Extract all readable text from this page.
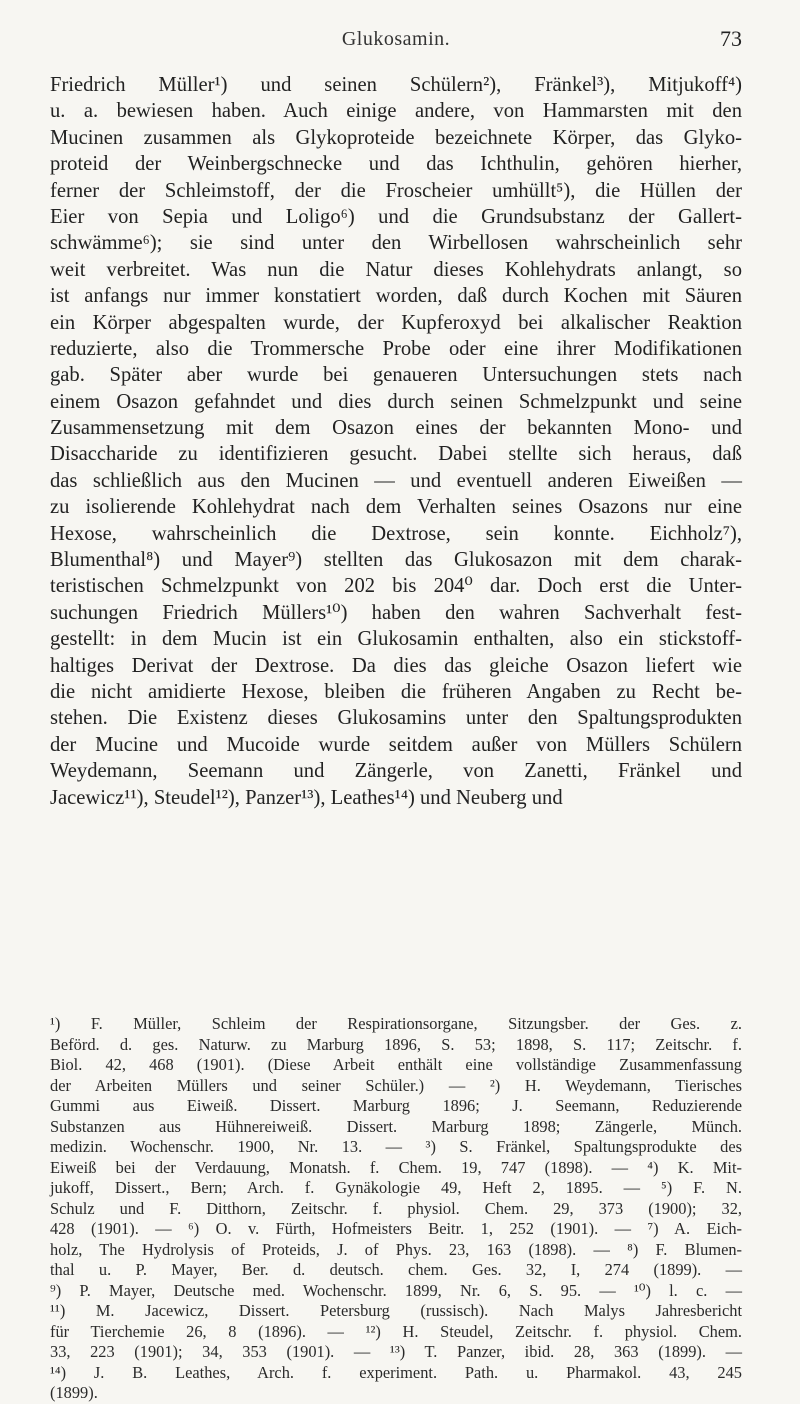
Glukosamin.	73
Friedrich Müller¹) und seinen Schülern²), Fränkel³), Mitjukoff⁴)
u. a. bewiesen haben. Auch einige andere, von Hammarsten mit den
Mucinen zusammen als Glykoproteide bezeichnete Körper, das Glyko-
proteid der Weinbergschnecke und das Ichthulin, gehören hierher,
ferner der Schleimstoff, der die Froscheier umhüllt⁵), die Hüllen der
Eier von Sepia und Loligo⁶) und die Grundsubstanz der Gallert-
schwämme⁶); sie sind unter den Wirbellosen wahrscheinlich sehr
weit verbreitet. Was nun die Natur dieses Kohlehydrats anlangt, so
ist anfangs nur immer konstatiert worden, daß durch Kochen mit Säuren
ein Körper abgespalten wurde, der Kupferoxyd bei alkalischer Reaktion
reduzierte, also die Trommersche Probe oder eine ihrer Modifikationen
gab. Später aber wurde bei genaueren Untersuchungen stets nach
einem Osazon gefahndet und dies durch seinen Schmelzpunkt und seine
Zusammensetzung mit dem Osazon eines der bekannten Mono- und
Disaccharide zu identifizieren gesucht. Dabei stellte sich heraus, daß
das schließlich aus den Mucinen — und eventuell anderen Eiweißen —
zu isolierende Kohlehydrat nach dem Verhalten seines Osazons nur eine
Hexose, wahrscheinlich die Dextrose, sein konnte. Eichholz⁷),
Blumenthal⁸) und Mayer⁹) stellten das Glukosazon mit dem charak-
teristischen Schmelzpunkt von 202 bis 204⁰ dar. Doch erst die Unter-
suchungen Friedrich Müllers¹⁰) haben den wahren Sachverhalt fest-
gestellt: in dem Mucin ist ein Glukosamin enthalten, also ein stickstoff-
haltiges Derivat der Dextrose. Da dies das gleiche Osazon liefert wie
die nicht amidierte Hexose, bleiben die früheren Angaben zu Recht be-
stehen. Die Existenz dieses Glukosamins unter den Spaltungsprodukten
der Mucine und Mucoide wurde seitdem außer von Müllers Schülern
Weydemann, Seemann und Zängerle, von Zanetti, Fränkel und
Jacewicz¹¹), Steudel¹²), Panzer¹³), Leathes¹⁴) und Neuberg und
¹) F. Müller, Schleim der Respirationsorgane, Sitzungsber. der Ges. z.
Beförd. d. ges. Naturw. zu Marburg 1896, S. 53; 1898, S. 117; Zeitschr. f.
Biol. 42, 468 (1901). (Diese Arbeit enthält eine vollständige Zusammenfassung
der Arbeiten Müllers und seiner Schüler.) — ²) H. Weydemann, Tierisches
Gummi aus Eiweiß. Dissert. Marburg 1896; J. Seemann, Reduzierende
Substanzen aus Hühnereiweiß. Dissert. Marburg 1898; Zängerle, Münch.
medizin. Wochenschr. 1900, Nr. 13. — ³) S. Fränkel, Spaltungsprodukte des
Eiweiß bei der Verdauung, Monatsh. f. Chem. 19, 747 (1898). — ⁴) K. Mit-
jukoff, Dissert., Bern; Arch. f. Gynäkologie 49, Heft 2, 1895. — ⁵) F. N.
Schulz und F. Ditthorn, Zeitschr. f. physiol. Chem. 29, 373 (1900); 32,
428 (1901). — ⁶) O. v. Fürth, Hofmeisters Beitr. 1, 252 (1901). — ⁷) A. Eich-
holz, The Hydrolysis of Proteids, J. of Phys. 23, 163 (1898). — ⁸) F. Blumen-
thal u. P. Mayer, Ber. d. deutsch. chem. Ges. 32, I, 274 (1899). —
⁹) P. Mayer, Deutsche med. Wochenschr. 1899, Nr. 6, S. 95. — ¹⁰) l. c. —
¹¹) M. Jacewicz, Dissert. Petersburg (russisch). Nach Malys Jahresbericht
für Tierchemie 26, 8 (1896). — ¹²) H. Steudel, Zeitschr. f. physiol. Chem.
33, 223 (1901); 34, 353 (1901). — ¹³) T. Panzer, ibid. 28, 363 (1899). —
¹⁴) J. B. Leathes, Arch. f. experiment. Path. u. Pharmakol. 43, 245
(1899).
